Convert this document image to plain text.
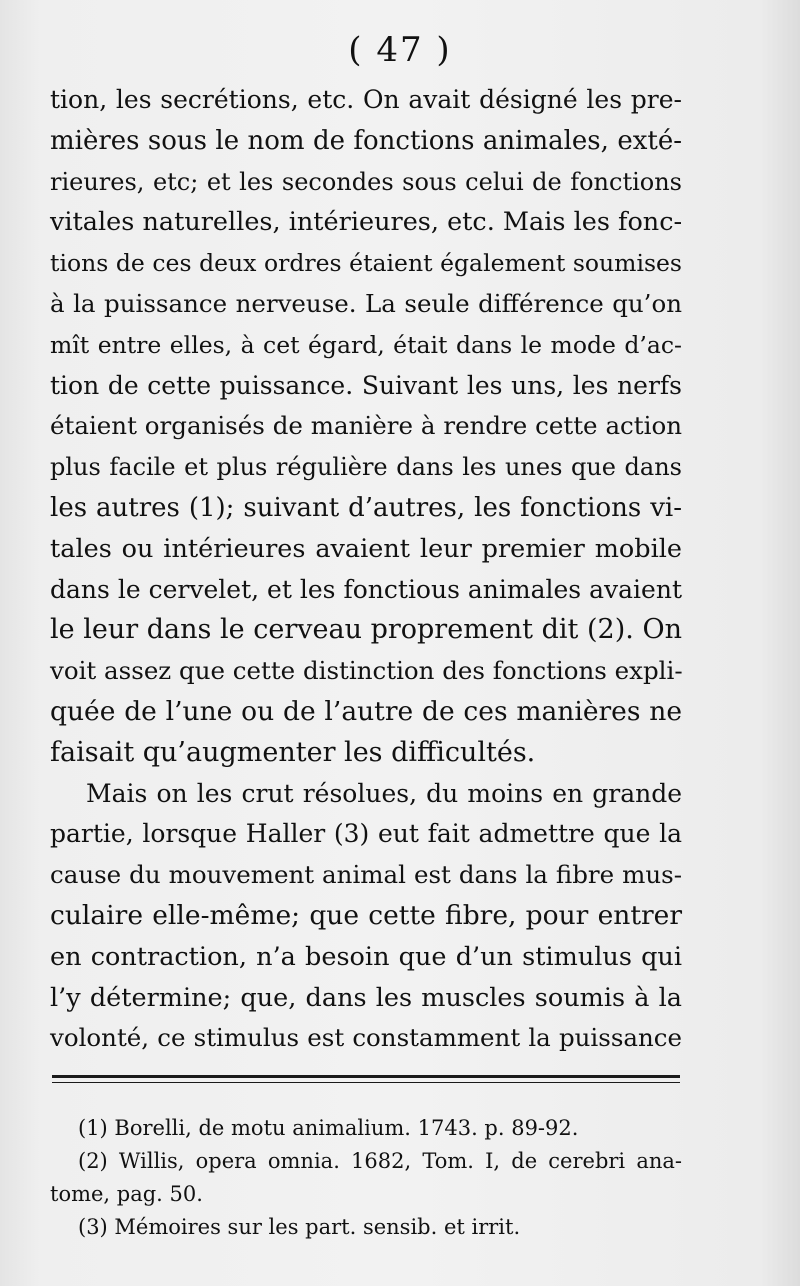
( 47 )
tion, les secrétions, etc. On avait désigné les pre-
mières sous le nom de fonctions animales, exté-
rieures, etc; et les secondes sous celui de fonctions
vitales naturelles, intérieures, etc. Mais les fonc-
tions de ces deux ordres étaient également soumises
à la puissance nerveuse. La seule différence qu’on
mît entre elles, à cet égard, était dans le mode d’ac-
tion de cette puissance. Suivant les uns, les nerfs
étaient organisés de manière à rendre cette action
plus facile et plus régulière dans les unes que dans
les autres (1); suivant d’autres, les fonctions vi-
tales ou intérieures avaient leur premier mobile
dans le cervelet, et les fonctious animales avaient
le leur dans le cerveau proprement dit (2). On
voit assez que cette distinction des fonctions expli-
quée de l’une ou de l’autre de ces manières ne
faisait qu’augmenter les difficultés.
Mais on les crut résolues, du moins en grande
partie, lorsque Haller (3) eut fait admettre que la
cause du mouvement animal est dans la fibre mus-
culaire elle-même; que cette fibre, pour entrer
en contraction, n’a besoin que d’un stimulus qui
l’y détermine; que, dans les muscles soumis à la
volonté, ce stimulus est constamment la puissance
(1) Borelli, de motu animalium. 1743. p. 89-92.
(2) Willis, opera omnia. 1682, Tom. I, de cerebri ana-
tome, pag. 50.
(3) Mémoires sur les part. sensib. et irrit.
